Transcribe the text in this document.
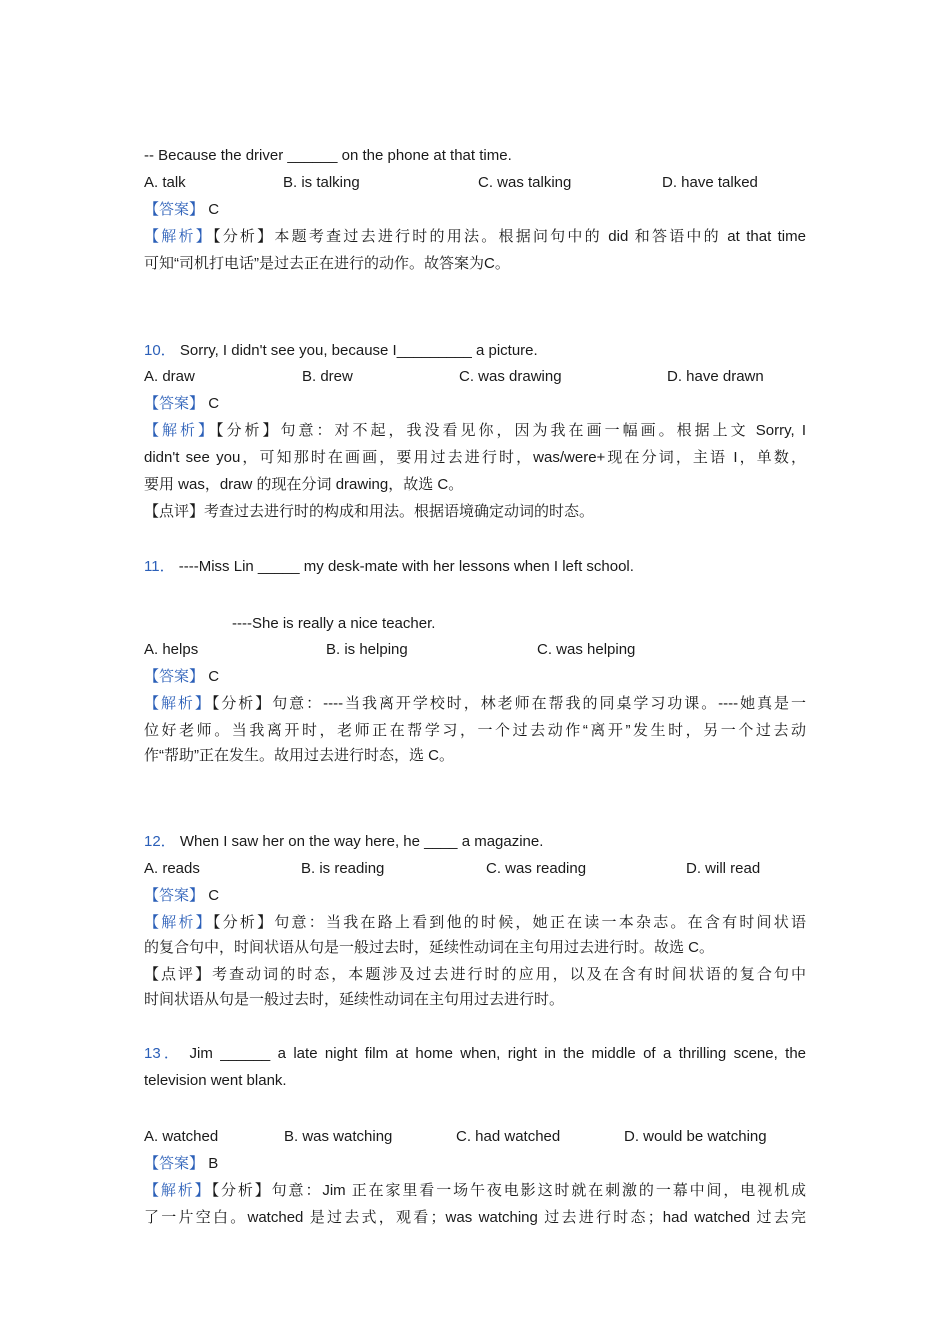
-- Because the driver ______ on the phone at that time.
A. talk	B. is talking	C. was talking	D. have talked
【答案】 C
【解析】【分析】本题考查过去进行时的用法。根据问句中的 did 和答语中的 at that time
可知“司机打电话”是过去正在进行的动作。故答案为C。
10． Sorry, I didn't see you, because I_________ a picture.
A. draw	B. drew	C. was drawing	D. have drawn
【答案】 C
【解析】【分析】句意：对不起，我没看见你，因为我在画一幅画。根据上文 Sorry, I
didn't see you，可知那时在画画，要用过去进行时，was/were+现在分词，主语 I，单数，
要用 was，draw 的现在分词 drawing，故选 C。
【点评】考查过去进行时的构成和用法。根据语境确定动词的时态。
11． ----Miss Lin _____ my desk-mate with her lessons when I left school.
----She is really a nice teacher.
A. helps	B. is helping	C. was helping
【答案】 C
【解析】【分析】句意：----当我离开学校时，林老师在帮我的同桌学习功课。----她真是一
位好老师。当我离开时，老师正在帮学习，一个过去动作“离开”发生时，另一个过去动
作“帮助”正在发生。故用过去进行时态，选 C。
12． When I saw her on the way here, he ____ a magazine.
A. reads	B. is reading	C. was reading	D. will read
【答案】 C
【解析】【分析】句意：当我在路上看到他的时候，她正在读一本杂志。在含有时间状语
的复合句中，时间状语从句是一般过去时，延续性动词在主句用过去进行时。故选 C。
【点评】考查动词的时态，本题涉及过去进行时的应用，以及在含有时间状语的复合句中
时间状语从句是一般过去时，延续性动词在主句用过去进行时。
13． Jim ______ a late night film at home when, right in the middle of a thrilling scene, the
television went blank.
A. watched	B. was watching	C. had watched	D. would be watching
【答案】 B
【解析】【分析】句意：Jim 正在家里看一场午夜电影这时就在刺激的一幕中间，电视机成
了一片空白。watched 是过去式，观看；was watching 过去进行时态；had watched 过去完
